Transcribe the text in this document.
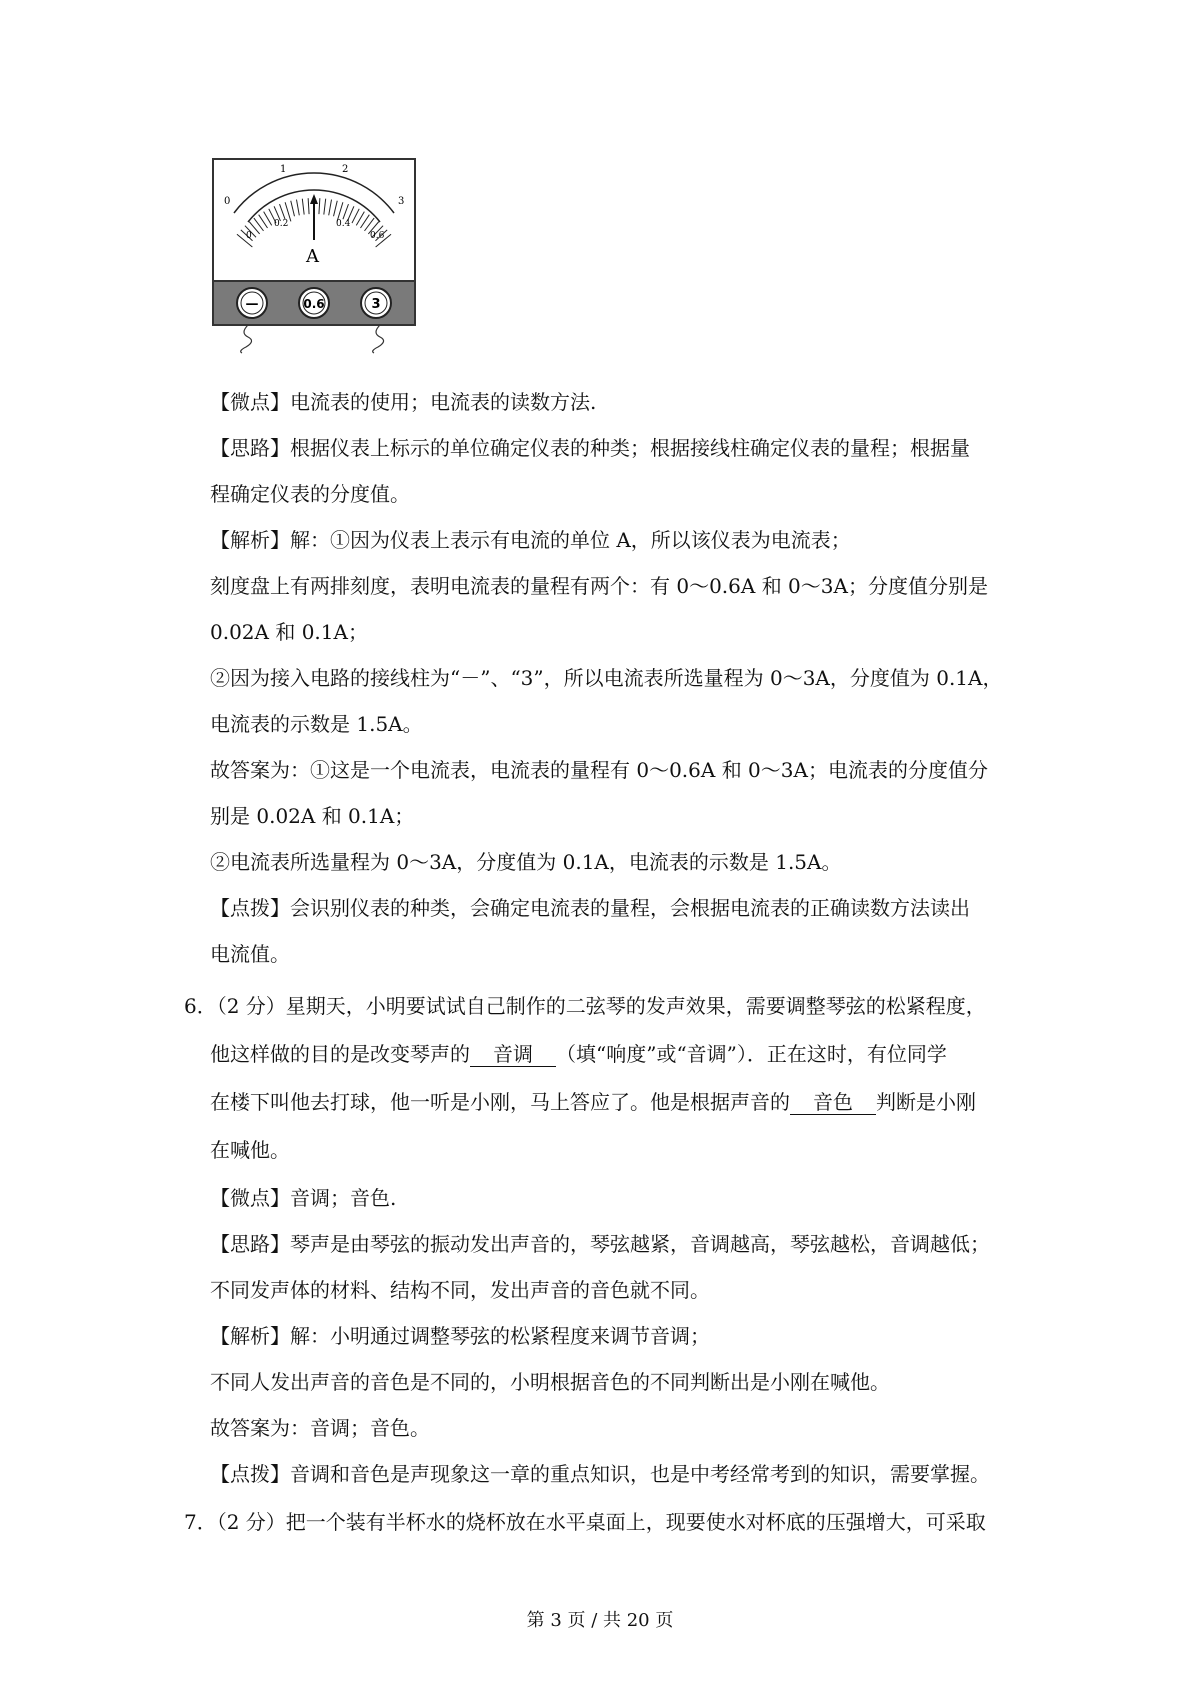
0
1	2
3
0
0.2	0.4
0.6
A
—	0.6	3
【微点】电流表的使用；电流表的读数方法.
【思路】根据仪表上标示的单位确定仪表的种类；根据接线柱确定仪表的量程；根据量
程确定仪表的分度值。
【解析】解：①因为仪表上表示有电流的单位 A，所以该仪表为电流表；
刻度盘上有两排刻度，表明电流表的量程有两个：有 0～0.6A 和 0～3A；分度值分别是
0.02A 和 0.1A；
②因为接入电路的接线柱为“－”、“3”，所以电流表所选量程为 0～3A，分度值为 0.1A，
电流表的示数是 1.5A。
故答案为：①这是一个电流表，电流表的量程有 0～0.6A 和 0～3A；电流表的分度值分
别是 0.02A 和 0.1A；
②电流表所选量程为 0～3A，分度值为 0.1A，电流表的示数是 1.5A。
【点拨】会识别仪表的种类，会确定电流表的量程，会根据电流表的正确读数方法读出
电流值。
6．（2 分）星期天，小明要试试自己制作的二弦琴的发声效果，需要调整琴弦的松紧程度，
他这样做的目的是改变琴声的 音调 （填“响度”或“音调”）．正在这时，有位同学
在楼下叫他去打球，他一听是小刚，马上答应了。他是根据声音的 音色 判断是小刚
在喊他。
【微点】音调；音色.
【思路】琴声是由琴弦的振动发出声音的，琴弦越紧，音调越高，琴弦越松，音调越低；
不同发声体的材料、结构不同，发出声音的音色就不同。
【解析】解：小明通过调整琴弦的松紧程度来调节音调；
不同人发出声音的音色是不同的，小明根据音色的不同判断出是小刚在喊他。
故答案为：音调；音色。
【点拨】音调和音色是声现象这一章的重点知识，也是中考经常考到的知识，需要掌握。
7．（2 分）把一个装有半杯水的烧杯放在水平桌面上，现要使水对杯底的压强增大，可采取
第 3 页 / 共 20 页
